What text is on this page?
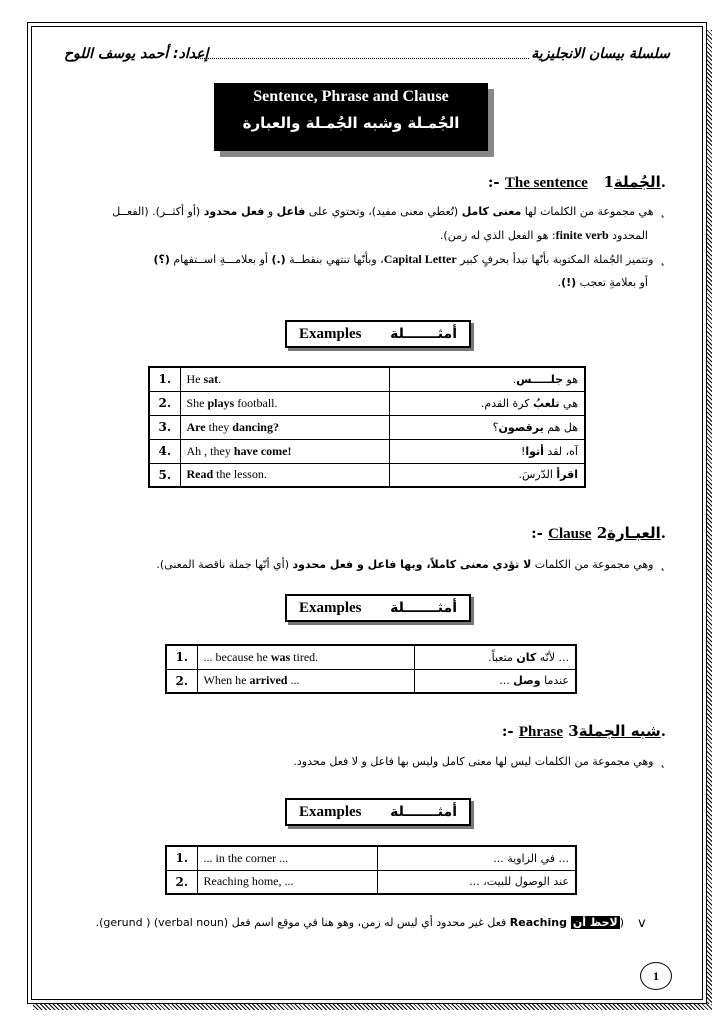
سلسلة بيسان الانجليزية
إعداد: أحمد يوسف اللوح
Sentence, Phrase and Clause
الجُمـلة وشبه الجُمـلة والعبارة
:- The sentence الجُملة1.
˛هي مجموعة من الكلمات لها معنى كامل (تُعطي معنى مفيد)، وتحتوي على فاعل و فعل محدود (أو أكثــر). (الفعــل
المحدود finite verb: هو الفعل الذي له زمن).
˛وتتميز الجُملة المكتوبة بأنّها تبدأ بحرفٍ كبير Capital Letter، وبأنّها تنتهي بنقطــة (.) أو بعلامـــةِ اســتفهام (؟)
أو بعلامةِ تعجب (!).
Examples أمثـــــــلة
1.	He sat.	هو جلـــــس.
2.	She plays football.	هي تلعبُ كرة القدم.
3.	Are they dancing?	هل هم يرقصون؟
4.	Ah , they have come!	آه، لقد أتوا!
5.	Read the lesson.	اقرأ الدّرسَ.
:- Clause العبـارة2.
˛وهي مجموعة من الكلمات لا تؤدي معنى كاملاً، وبها فاعل و فعل محدود (أي أنّها جملة ناقصة المعنى).
Examples أمثـــــــلة
1.	... because he was tired.	... لأنّه كان متعباً.
2.	When he arrived ...	عندما وصل ...
:- Phrase شبه الجملة3.
˛وهي مجموعة من الكلمات ليس لها معنى كامل وليس بها فاعل و لا فعل محدود.
Examples أمثـــــــلة
1.	... in the corner ...	... في الزاوية ...
2.	Reaching home, ...	عند الوصول للبيت، ...
v
(لاحظ أن Reaching فعل غير محدود أي ليس له زمن، وهو هنا في موقع اسم فعل (verbal noun) ( gerund).
1
